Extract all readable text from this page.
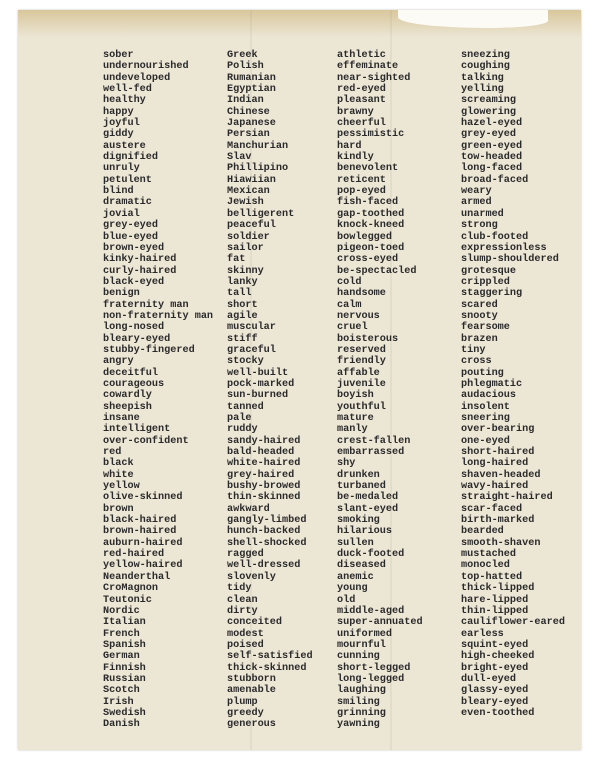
sober
undernourished
undeveloped
well-fed
healthy
happy
joyful
giddy
austere
dignified
unruly
petulent
blind
dramatic
jovial
grey-eyed
blue-eyed
brown-eyed
kinky-haired
curly-haired
black-eyed
benign
fraternity man
non-fraternity man
long-nosed
bleary-eyed
stubby-fingered
angry
deceitful
courageous
cowardly
sheepish
insane
intelligent
over-confident
red
black
white
yellow
olive-skinned
brown
black-haired
brown-haired
auburn-haired
red-haired
yellow-haired
Neanderthal
CroMagnon
Teutonic
Nordic
Italian
French
Spanish
German
Finnish
Russian
Scotch
Irish
Swedish
Danish
Greek
Polish
Rumanian
Egyptian
Indian
Chinese
Japanese
Persian
Manchurian
Slav
Phillipino
Hiawiian
Mexican
Jewish
belligerent
peaceful
soldier
sailor
fat
skinny
lanky
tall
short
agile
muscular
stiff
graceful
stocky
well-built
pock-marked
sun-burned
tanned
pale
ruddy
sandy-haired
bald-headed
white-haired
grey-haired
bushy-browed
thin-skinned
awkward
gangly-limbed
hunch-backed
shell-shocked
ragged
well-dressed
slovenly
tidy
clean
dirty
conceited
modest
poised
self-satisfied
thick-skinned
stubborn
amenable
plump
greedy
generous
athletic
effeminate
near-sighted
red-eyed
pleasant
brawny
cheerful
pessimistic
hard
kindly
benevolent
reticent
pop-eyed
fish-faced
gap-toothed
knock-kneed
bowlegged
pigeon-toed
cross-eyed
be-spectacled
cold
handsome
calm
nervous
cruel
boisterous
reserved
friendly
affable
juvenile
boyish
youthful
mature
manly
crest-fallen
embarrassed
shy
drunken
turbaned
be-medaled
slant-eyed
smoking
hilarious
sullen
duck-footed
diseased
anemic
young
old
middle-aged
super-annuated
uniformed
mournful
cunning
short-legged
long-legged
laughing
smiling
grinning
yawning
sneezing
coughing
talking
yelling
screaming
glowering
hazel-eyed
grey-eyed
green-eyed
tow-headed
long-faced
broad-faced
weary
armed
unarmed
strong
club-footed
expressionless
slump-shouldered
grotesque
crippled
staggering
scared
snooty
fearsome
brazen
tiny
cross
pouting
phlegmatic
audacious
insolent
sneering
over-bearing
one-eyed
short-haired
long-haired
shaven-headed
wavy-haired
straight-haired
scar-faced
birth-marked
bearded
smooth-shaven
mustached
monocled
top-hatted
thick-lipped
hare-lipped
thin-lipped
cauliflower-eared
earless
squint-eyed
high-cheeked
bright-eyed
dull-eyed
glassy-eyed
bleary-eyed
even-toothed
